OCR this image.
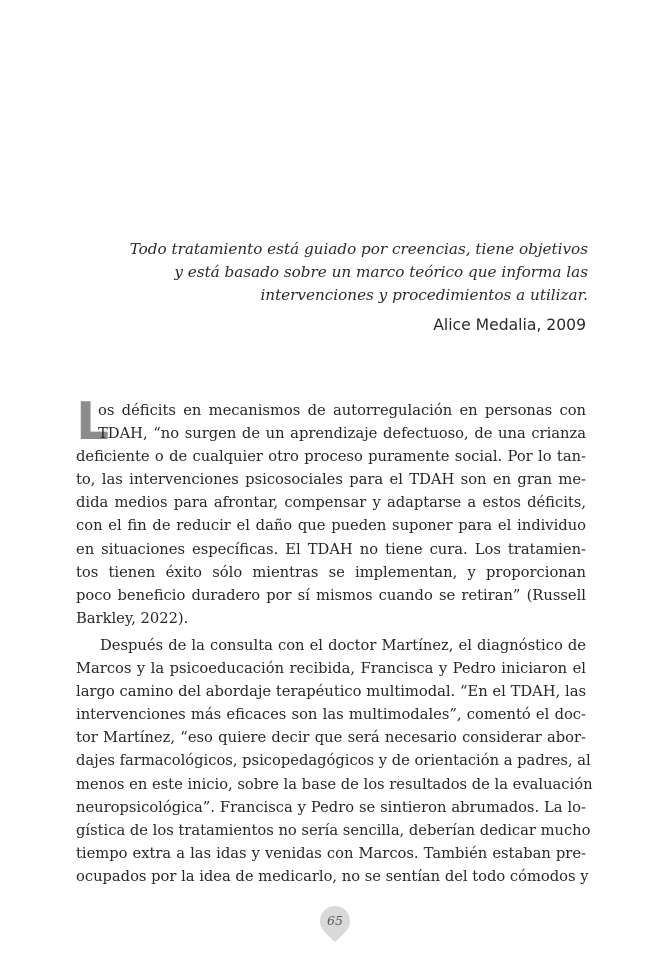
Todo tratamiento está guiado por creencias, tiene objetivos
y está basado sobre un marco teórico que informa las
intervenciones y procedimientos a utilizar.
Alice Medalia, 2009
L
os déficits en mecanismos de autorregulación en personas con
TDAH, “no surgen de un aprendizaje defectuoso, de una crianza
deficiente o de cualquier otro proceso puramente social. Por lo tan-
to, las intervenciones psicosociales para el TDAH son en gran me-
dida medios para afrontar, compensar y adaptarse a estos déficits,
con el fin de reducir el daño que pueden suponer para el individuo
en situaciones específicas. El TDAH no tiene cura. Los tratamien-
tos tienen éxito sólo mientras se implementan, y proporcionan
poco beneficio duradero por sí mismos cuando se retiran” (Russell
Barkley, 2022).
Después de la consulta con el doctor Martínez, el diagnóstico de
Marcos y la psicoeducación recibida, Francisca y Pedro iniciaron el
largo camino del abordaje terapéutico multimodal. “En el TDAH, las
intervenciones más eficaces son las multimodales”, comentó el doc-
tor Martínez, “eso quiere decir que será necesario considerar abor-
dajes farmacológicos, psicopedagógicos y de orientación a padres, al
menos en este inicio, sobre la base de los resultados de la evaluación
neuropsicológica”. Francisca y Pedro se sintieron abrumados. La lo-
gística de los tratamientos no sería sencilla, deberían dedicar mucho
tiempo extra a las idas y venidas con Marcos. También estaban pre-
ocupados por la idea de medicarlo, no se sentían del todo cómodos y
65
